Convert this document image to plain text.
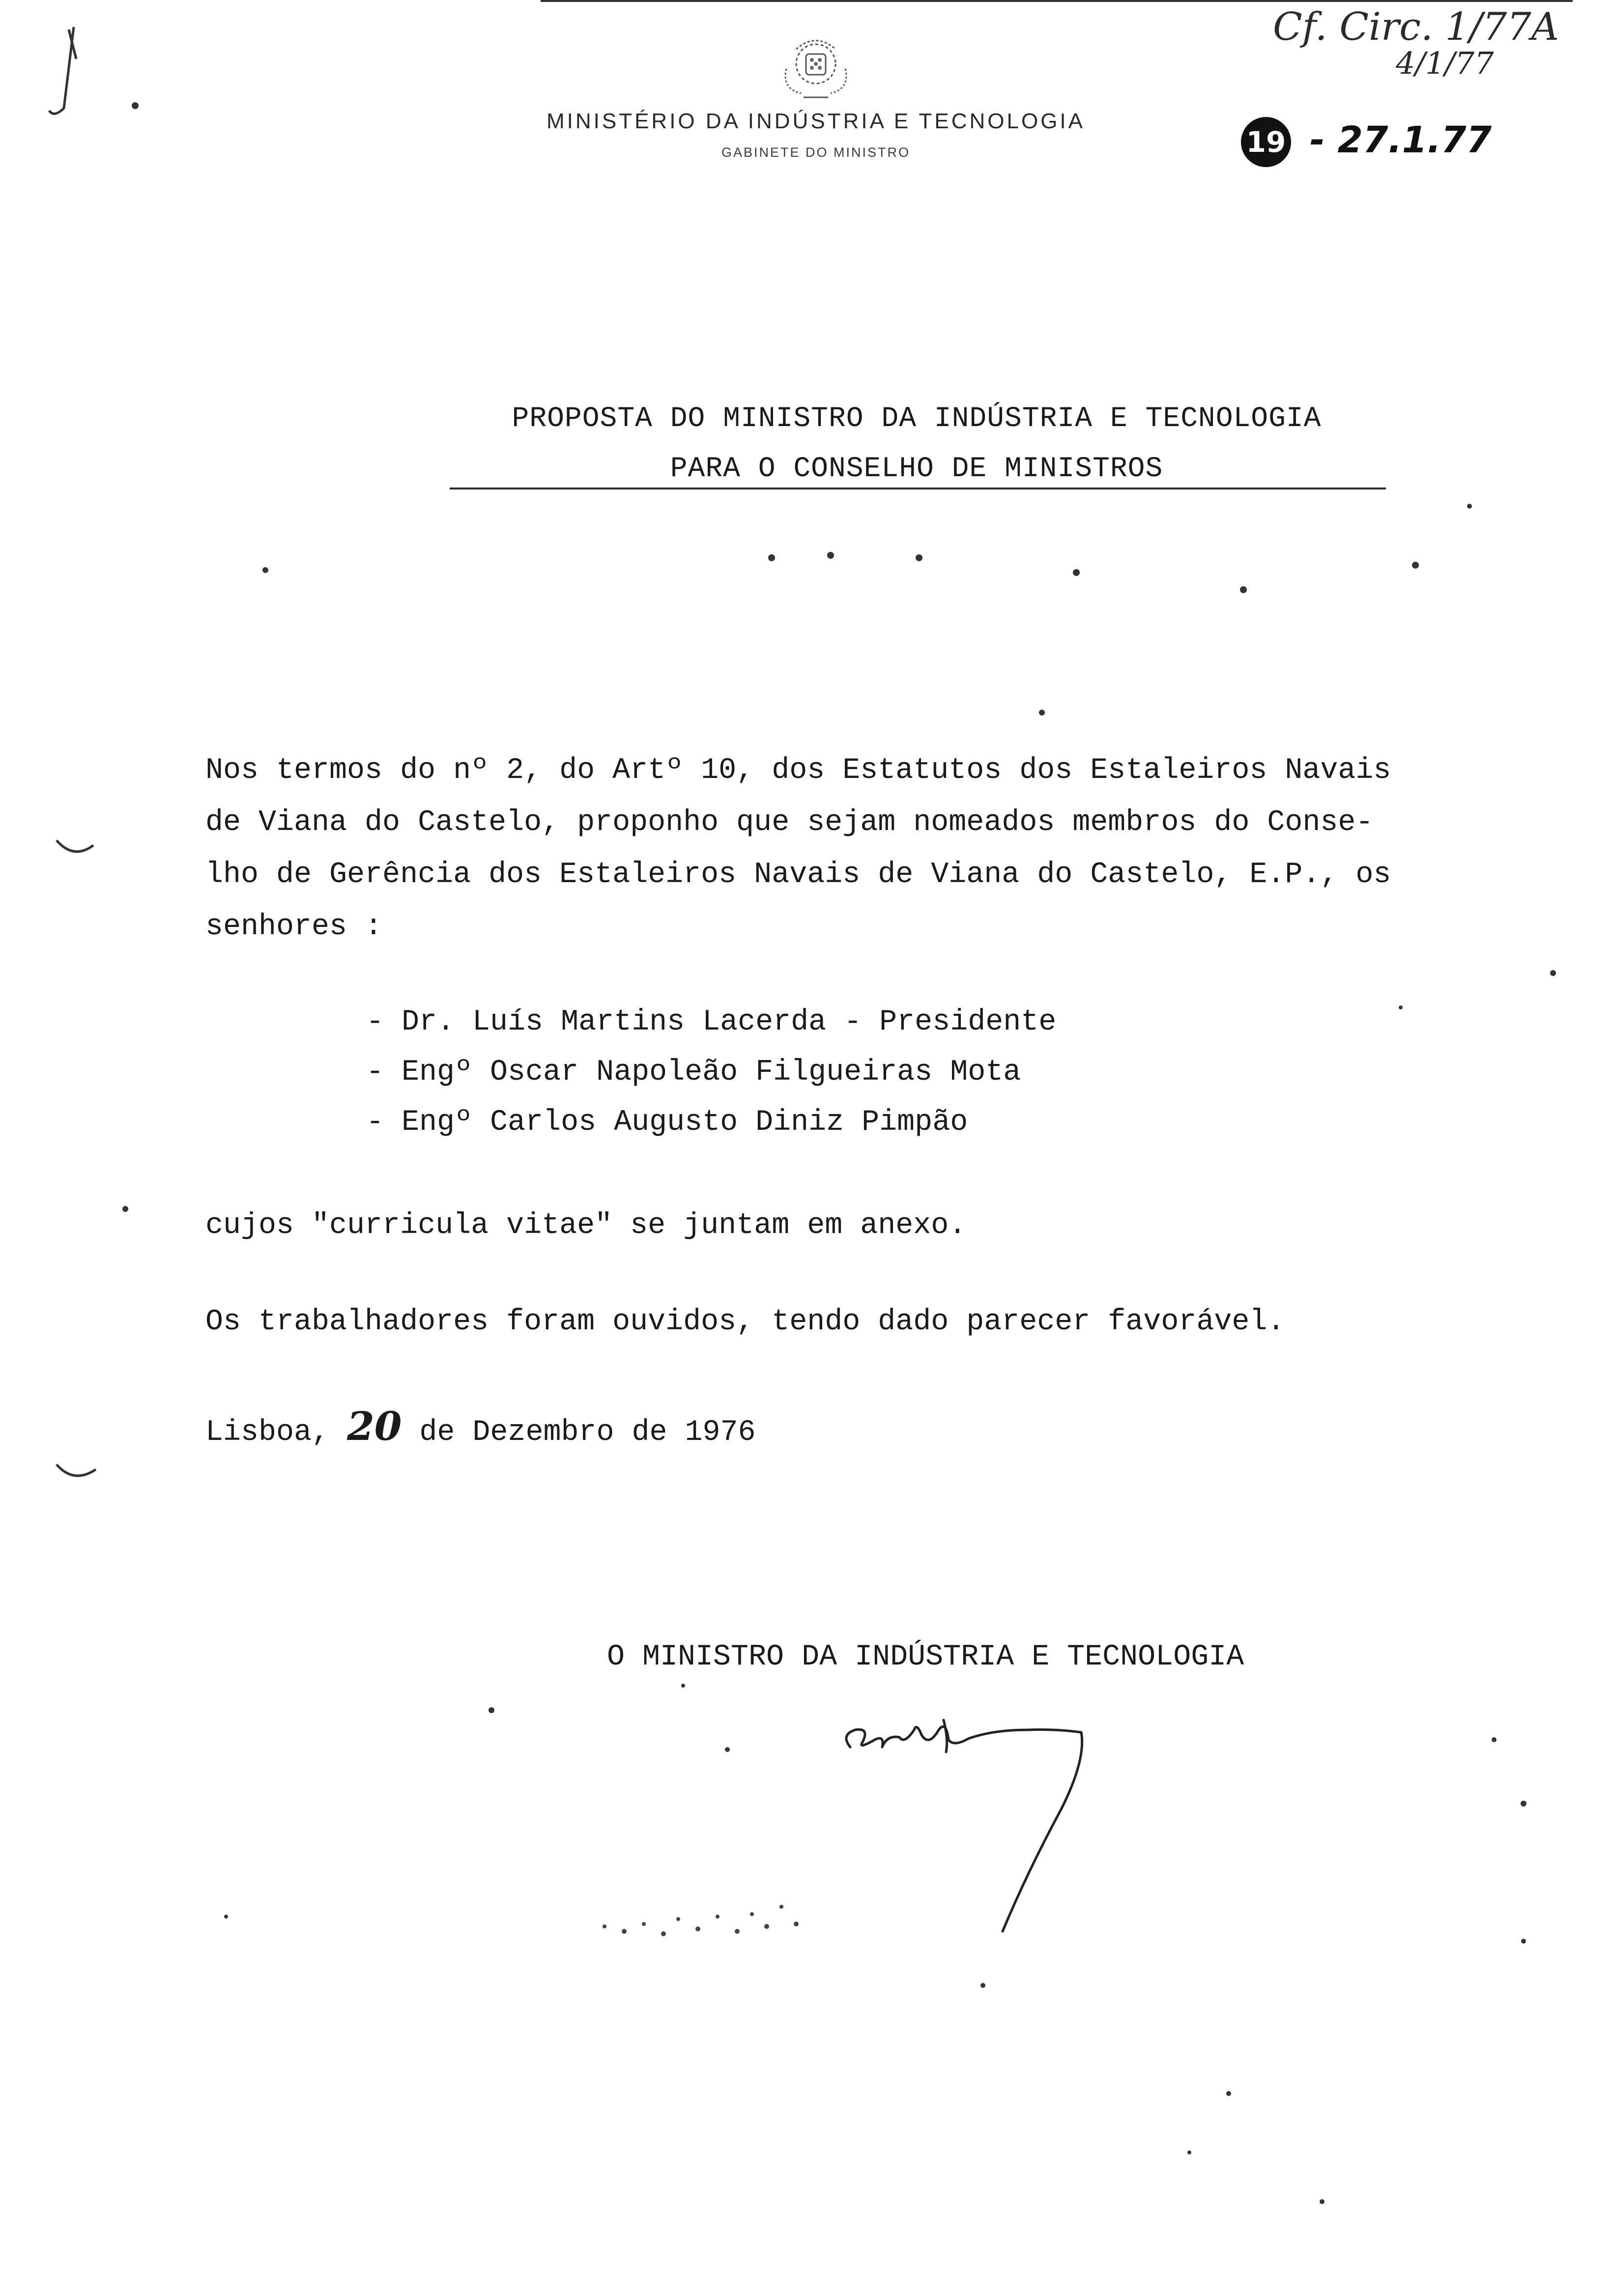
MINISTÉRIO DA INDÚSTRIA E TECNOLOGIA
GABINETE DO MINISTRO
Cf. Circ. 1/77A
4/1/77
19 - 27.1.77
PROPOSTA DO MINISTRO DA INDÚSTRIA E TECNOLOGIA
PARA O CONSELHO DE MINISTROS
Nos termos do nº 2, do Artº 10, dos Estatutos dos Estaleiros Navais
de Viana do Castelo, proponho que sejam nomeados membros do Conse-
lho de Gerência dos Estaleiros Navais de Viana do Castelo, E.P., os
senhores :
- Dr. Luís Martins Lacerda - Presidente
- Engº Oscar Napoleão Filgueiras Mota
- Engº Carlos Augusto Diniz Pimpão
cujos "curricula vitae" se juntam em anexo.
Os trabalhadores foram ouvidos, tendo dado parecer favorável.
Lisboa, 20 de Dezembro de 1976
O MINISTRO DA INDÚSTRIA E TECNOLOGIA
